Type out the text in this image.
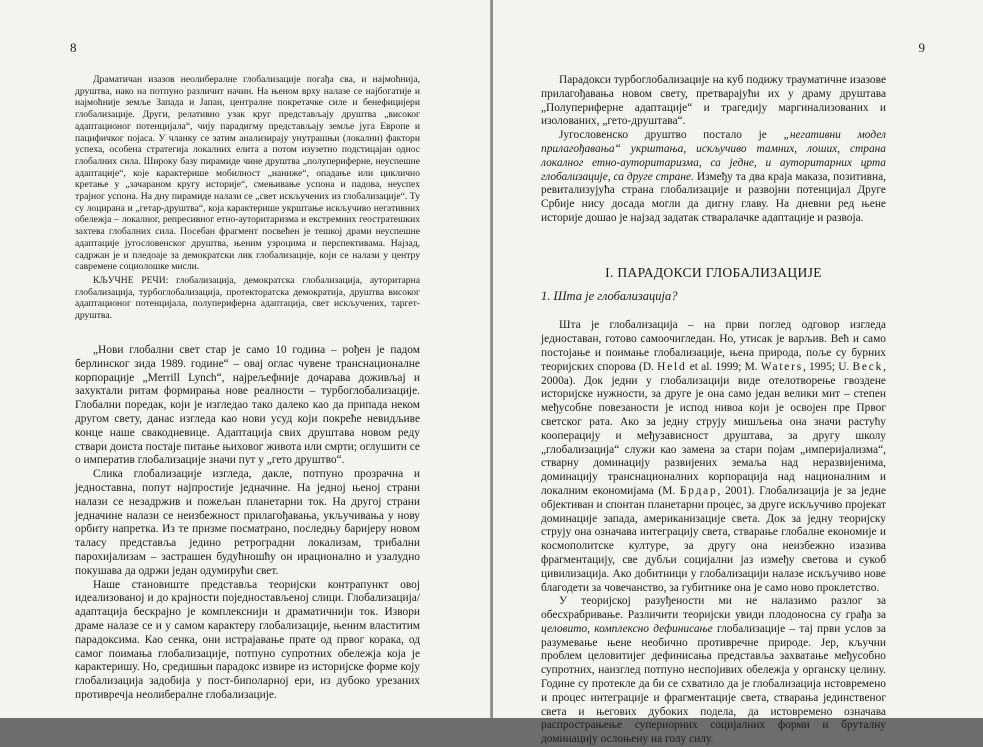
8

Драматичан изазов неолибералне глобализације погађа сва, и најмоћнија, друштва, иако на потпуно различит начин. На њеном врху налазе се најбогатије и најмоћније земље Запада и Јапан, централне покретачке силе и бенефицијери глобализације. Други, релативно узак круг представљају друштва „високог адаптационог потенцијала“, чију парадигму представљају земље југа Европе и пацифичког појаса. У чланку се затим анализирају унутрашњи (локални) фактори успеха, особена стратегија локалних елита а потом изузетно подстицајан однос глобалних сила. Широку базу пирамиде чине друштва „полупериферне, неуспешне адаптације“, које карактерише мобилност „наниже“, опадање или циклично кретање у „зачараном кругу историје“, смењивање успона и падова, неуспех трајног успона. На дну пирамиде налази се „свет искључених из глобализације“. Ту су лоцирана и „гетар-друштва“, која карактерише укрштање искључиво негативних обележја – локалног, репресивног етно-ауторитаризма и екстремних геостратешких захтева глобалних сила. Посебан фрагмент посвећен је тешкој драми неуспешне адаптације југословенског друштва, њеним узроцима и перспективама. Најзад, садржан је и пледоаје за демократски лик глобализације, који се налази у центру савремене социолошке мисли.

КЉУЧНЕ РЕЧИ: глобализација, демократска глобализација, ауторитарна глобализација, турбоглобализација, протекторатска демократија, друштва високог адаптационог потенцијала, полупериферна адаптација, свет искључених, таргет-друштва.

„Нови глобални свет стар је само 10 година – рођен је падом берлинског зида 1989. године“ – овај оглас чувене транснационалне корпорације „Merrill Lynch“, најрељефније дочарава доживљај и захуктали ритам формирања нове реалности – турбоглобализације. Глобални поредак, који је изгледао тако далеко као да припада неком другом свету, данас изгледа као нови усуд који покреће невидљиве конце наше свакодневице. Адаптација свих друштава новом реду ствари доиста постаје питање њиховог живота или смрти; оглушити се о императив глобализације значи пут у „гето друштво“.

Слика глобализације изгледа, дакле, потпуно прозрачна и једноставна, попут најпростије једначине. На једној њеној страни налази се незадржив и пожељан планетарни ток. На другој страни једначине налази се неизбежност прилагођавања, укључивања у нову орбиту напретка. Из те призме посматрано, последњу баријеру новом таласу представља једино ретроградни локализам, трибални парохијализам – застрашен будућношћу он ирационално и узалудно покушава да одржи један одумирући свет.

Наше становиште представља теоријски контрапункт овој идеализованој и до крајности поједностављеној слици. Глобализација/адаптација бескрајно је комплекснији и драматичнији ток. Извори драме налазе се и у самом карактеру глобализације, њеним властитим парадоксима. Као сенка, они истрајавање прате од првог корака, од самог поимања глобализације, потпуно супротних обележја која је карактеришу. Но, средишњи парадокс извире из историјске форме коју глобализација задобија у пост-биполарној ери, из дубоко урезаних противречја неолибералне глобализације.

9

Парадокси турбоглобализације на куб подижу трауматичне изазове прилагођавања новом свету, претварајући их у драму друштава „Полупериферне адаптације“ и трагедију маргинализованих и изолованих, „гето-друштава“.

Југословенско друштво постало је „негативни модел прилагођавања“ укрштања, искључиво тамних, лоших, страна локалног етно-ауторитаризма, са једне, и ауторитарних црта глобализације, са друге стране. Између та два краја маказа, позитивна, ревитализујућа страна глобализације и развојни потенцијал Друге Србије нису досада могли да дигну главу. На дневни ред њене историје дошао је најзад задатак стваралачке адаптације и развоја.

I. ПАРАДОКСИ ГЛОБАЛИЗАЦИЈЕ

1. Шта је глобализација?

Шта је глобализација – на први поглед одговор изгледа једноставан, готово самоочигледан. Но, утисак је варљив. Већ и само постојање и поимање глобализације, њена природа, поље су бурних теоријских спорова (D. Held et al. 1999; M. Waters, 1995; U. Beck, 2000a). Док једни у глобализацији виде отелотворење гвоздене историјске нужности, за друге је она само један велики мит – степен међусобне повезаности је испод нивоа који је освојен пре Првог светског рата. Ако за једну струју мишљења она значи растућу кооперацију и међузависност друштава, за другу школу „глобализација“ служи као замена за стари појам „империјализма“, стварну доминацију развијених земаља над неразвијенима, доминацију транснационалних корпорација над националним и локалним економијама (М. Брдар, 2001). Глобализација је за једне објективан и спонтан планетарни процес, за друге искључиво пројекат доминације запада, американизације света. Док за једну теоријску струју она означава интеграцију света, стварање глобалне економије и космополитске културе, за другу она неизбежно изазива фрагментацију, све дубљи социјални јаз између светова и сукоб цивилизација. Ако добитници у глобализацији налазе искључиво нове благодети за човечанство, за губитнике она је само ново проклетство.

У теоријској разуђености ми не налазимо разлог за обесхрабривање. Различити теоријски увиди плодоносна су грађа за целовито, комплексно дефинисање глобализације – тај први услов за разумевање њене необично противречне природе. Јер, кључни проблем целовитијег дефинисања представља захватање међусобно супротних, наизглед потпуно неспојивих обележја у органску целину. Годинe су протекле да би се схватило да је глобализација истовремено и процес интеграције и фрагментације света, стварања јединственог света и његових дубоких подела, да истовремено означава распрострањење супериорних социјалних форми и бруталну доминацију ослоњену на голу силу.
